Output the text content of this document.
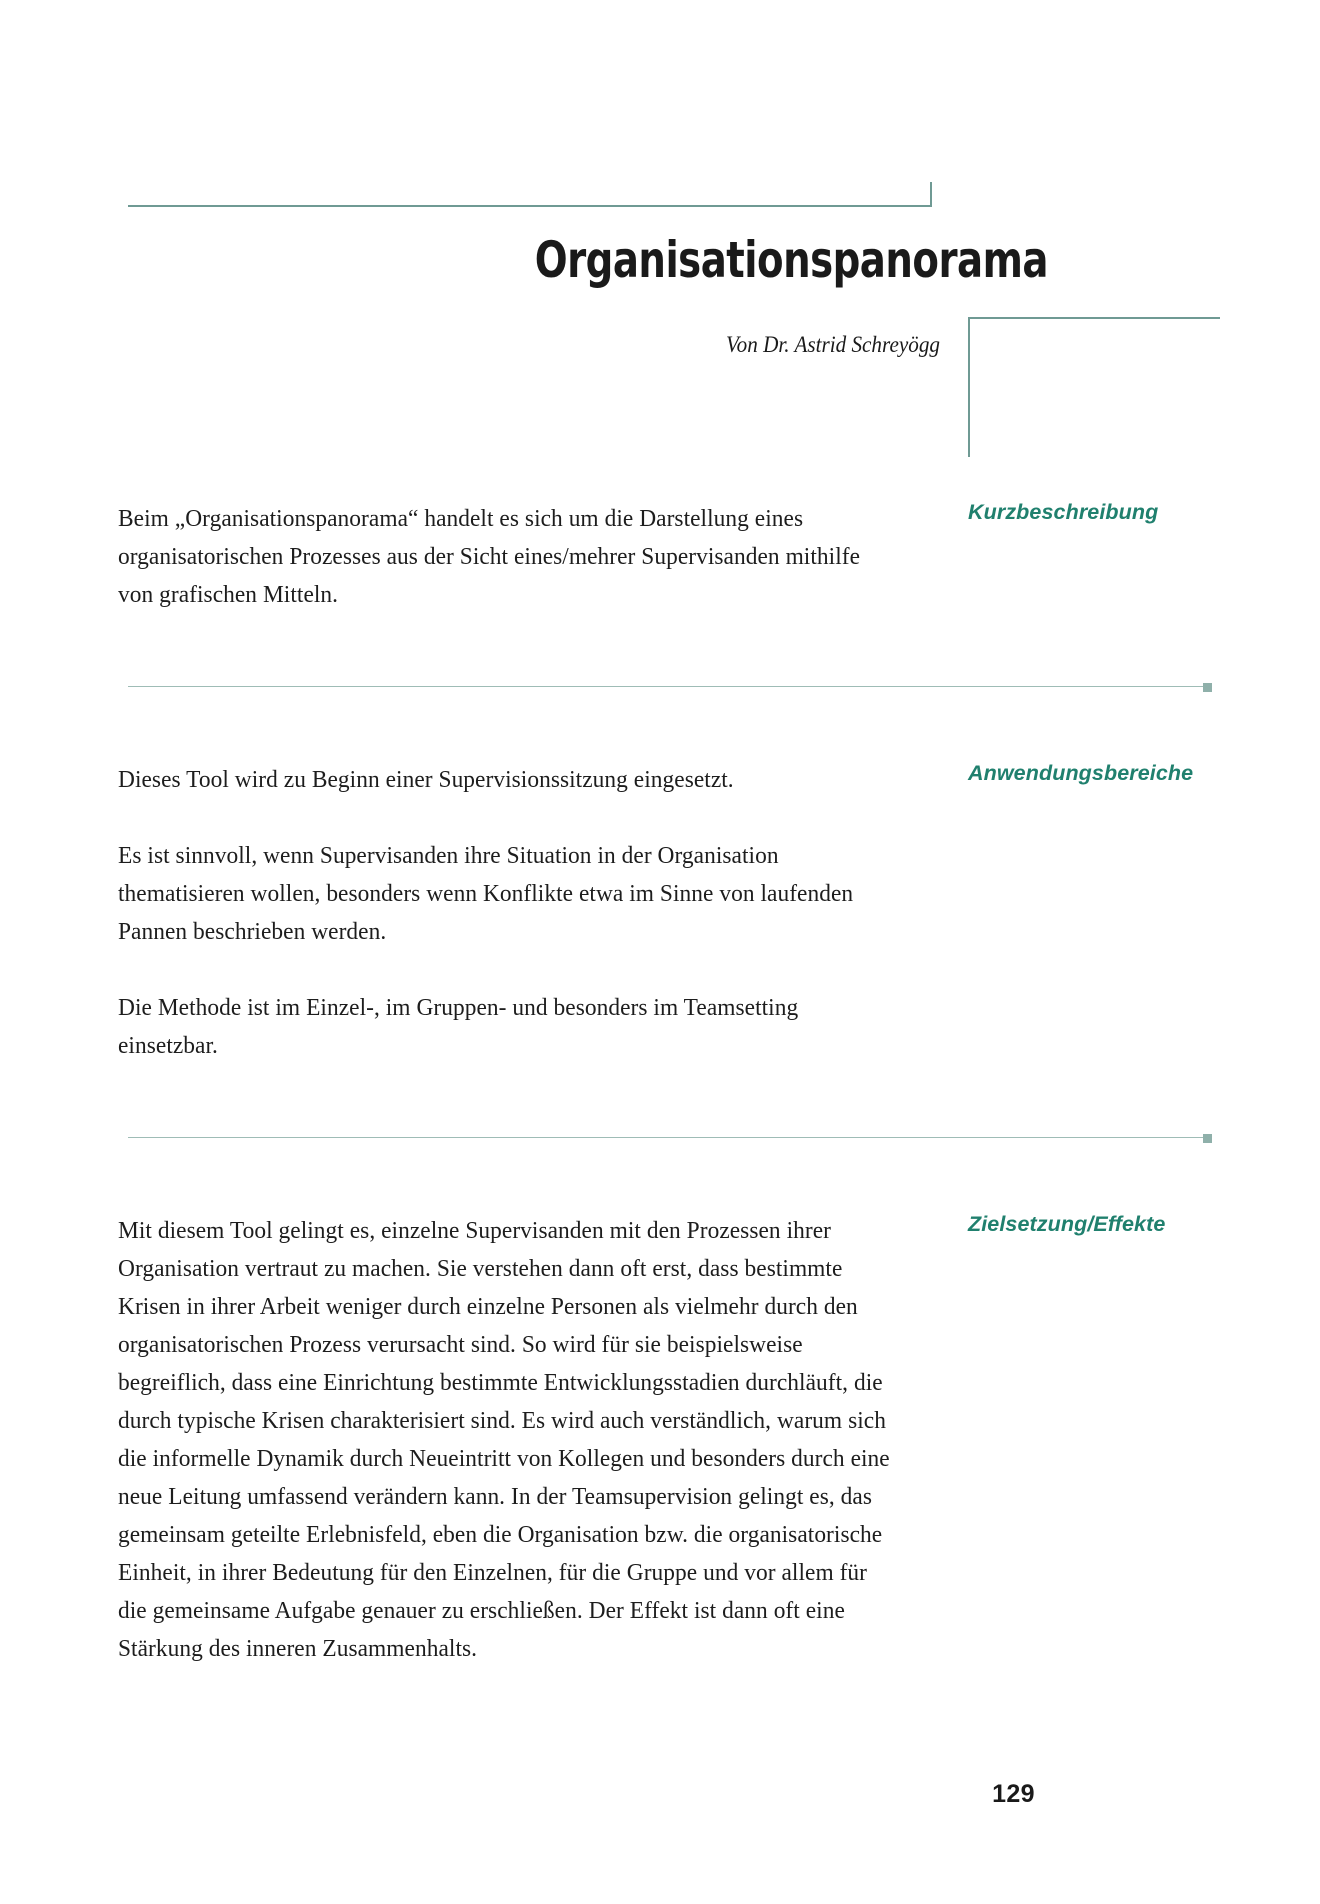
Organisationspanorama
Von Dr. Astrid Schreyögg
Kurzbeschreibung

Beim „Organisationspanorama“ handelt es sich um die Darstellung eines organisatorischen Prozesses aus der Sicht eines/mehrer Supervisanden mithilfe von grafischen Mitteln.

Anwendungsbereiche

Dieses Tool wird zu Beginn einer Supervisionssitzung eingesetzt.

Es ist sinnvoll, wenn Supervisanden ihre Situation in der Organisation thematisieren wollen, besonders wenn Konflikte etwa im Sinne von laufenden Pannen beschrieben werden.

Die Methode ist im Einzel-, im Gruppen- und besonders im Teamsetting einsetzbar.

Zielsetzung/Effekte

Mit diesem Tool gelingt es, einzelne Supervisanden mit den Prozessen ihrer Organisation vertraut zu machen. Sie verstehen dann oft erst, dass bestimmte Krisen in ihrer Arbeit weniger durch einzelne Personen als vielmehr durch den organisatorischen Prozess verursacht sind. So wird für sie beispielsweise begreiflich, dass eine Einrichtung bestimmte Entwicklungsstadien durchläuft, die durch typische Krisen charakterisiert sind. Es wird auch verständlich, warum sich die informelle Dynamik durch Neueintritt von Kollegen und besonders durch eine neue Leitung umfassend verändern kann. In der Teamsupervision gelingt es, das gemeinsam geteilte Erlebnisfeld, eben die Organisation bzw. die organisatorische Einheit, in ihrer Bedeutung für den Einzelnen, für die Gruppe und vor allem für die gemeinsame Aufgabe genauer zu erschließen. Der Effekt ist dann oft eine Stärkung des inneren Zusammenhalts.

129
